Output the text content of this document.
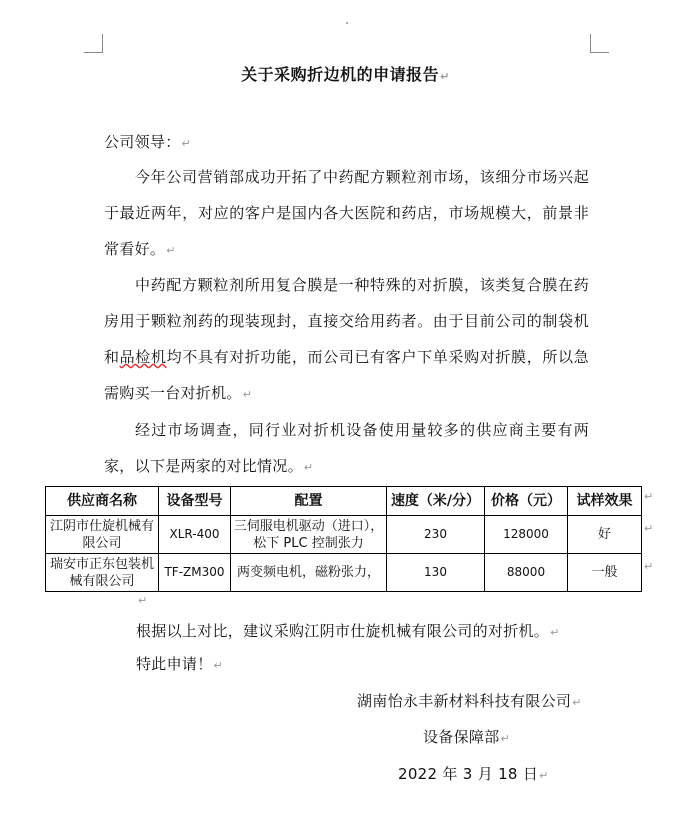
关于采购折边机的申请报告↵
公司领导：↵
今年公司营销部成功开拓了中药配方颗粒剂市场，该细分市场兴起于最近两年，对应的客户是国内各大医院和药店，市场规模大，前景非常看好。↵
中药配方颗粒剂所用复合膜是一种特殊的对折膜，该类复合膜在药房用于颗粒剂药的现装现封，直接交给用药者。由于目前公司的制袋机和品检机均不具有对折功能，而公司已有客户下单采购对折膜，所以急需购买一台对折机。↵
经过市场调查，同行业对折机设备使用量较多的供应商主要有两家，以下是两家的对比情况。↵
供应商名称	设备型号	配置	速度（米/分）	价格（元）	试样效果
江阴市仕旋机械有限公司	XLR-400	三伺服电机驱动（进口），松下 PLC 控制张力	230	128000	好
瑞安市正东包装机械有限公司	TF-ZM300	两变频电机，磁粉张力，	130	88000	一般
↵
↵
↵
↵
根据以上对比，建议采购江阴市仕旋机械有限公司的对折机。↵
特此申请！↵
湖南怡永丰新材料科技有限公司↵
设备保障部↵
2022 年 3 月 18 日↵
